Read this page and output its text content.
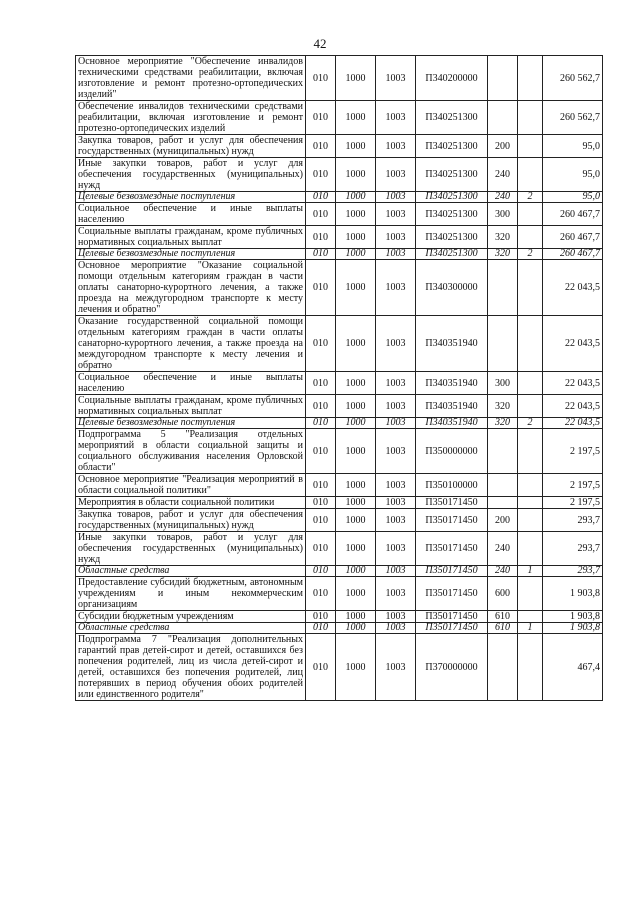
42
Основное мероприятие "Обеспечение инвалидов техническими средствами реабилитации, включая изготовление и ремонт протезно-ортопедических изделий"	010	1000	1003	П340200000			260 562,7
Обеспечение инвалидов техническими средствами реабилитации, включая изготовление и ремонт протезно-ортопедических изделий	010	1000	1003	П340251300			260 562,7
Закупка товаров, работ и услуг для обеспечения государственных (муниципальных) нужд	010	1000	1003	П340251300	200		95,0
Иные закупки товаров, работ и услуг для обеспечения государственных (муниципальных) нужд	010	1000	1003	П340251300	240		95,0
Целевые безвозмездные поступления	010	1000	1003	П340251300	240	2	95,0
Социальное обеспечение и иные выплаты населению	010	1000	1003	П340251300	300		260 467,7
Социальные выплаты гражданам, кроме публичных нормативных социальных выплат	010	1000	1003	П340251300	320		260 467,7
Целевые безвозмездные поступления	010	1000	1003	П340251300	320	2	260 467,7
Основное мероприятие "Оказание социальной помощи отдельным категориям граждан в части оплаты санаторно-курортного лечения, а также проезда на междугородном транспорте к месту лечения и обратно"	010	1000	1003	П340300000			22 043,5
Оказание государственной социальной помощи отдельным категориям граждан в части оплаты санаторно-курортного лечения, а также проезда на междугородном транспорте к месту лечения и обратно	010	1000	1003	П340351940			22 043,5
Социальное обеспечение и иные выплаты населению	010	1000	1003	П340351940	300		22 043,5
Социальные выплаты гражданам, кроме публичных нормативных социальных выплат	010	1000	1003	П340351940	320		22 043,5
Целевые безвозмездные поступления	010	1000	1003	П340351940	320	2	22 043,5
Подпрограмма 5 "Реализация отдельных мероприятий в области социальной защиты и социального обслуживания населения Орловской области"	010	1000	1003	П350000000			2 197,5
Основное мероприятие "Реализация мероприятий в области социальной политики"	010	1000	1003	П350100000			2 197,5
Мероприятия в области социальной политики	010	1000	1003	П350171450			2 197,5
Закупка товаров, работ и услуг для обеспечения государственных (муниципальных) нужд	010	1000	1003	П350171450	200		293,7
Иные закупки товаров, работ и услуг для обеспечения государственных (муниципальных) нужд	010	1000	1003	П350171450	240		293,7
Областные средства	010	1000	1003	П350171450	240	1	293,7
Предоставление субсидий бюджетным, автономным учреждениям и иным некоммерческим организациям	010	1000	1003	П350171450	600		1 903,8
Субсидии бюджетным учреждениям	010	1000	1003	П350171450	610		1 903,8
Областные средства	010	1000	1003	П350171450	610	1	1 903,8
Подпрограмма 7 "Реализация дополнительных гарантий прав детей-сирот и детей, оставшихся без попечения родителей, лиц из числа детей-сирот и детей, оставшихся без попечения родителей, лиц потерявших в период обучения обоих родителей или единственного родителя"	010	1000	1003	П370000000			467,4
